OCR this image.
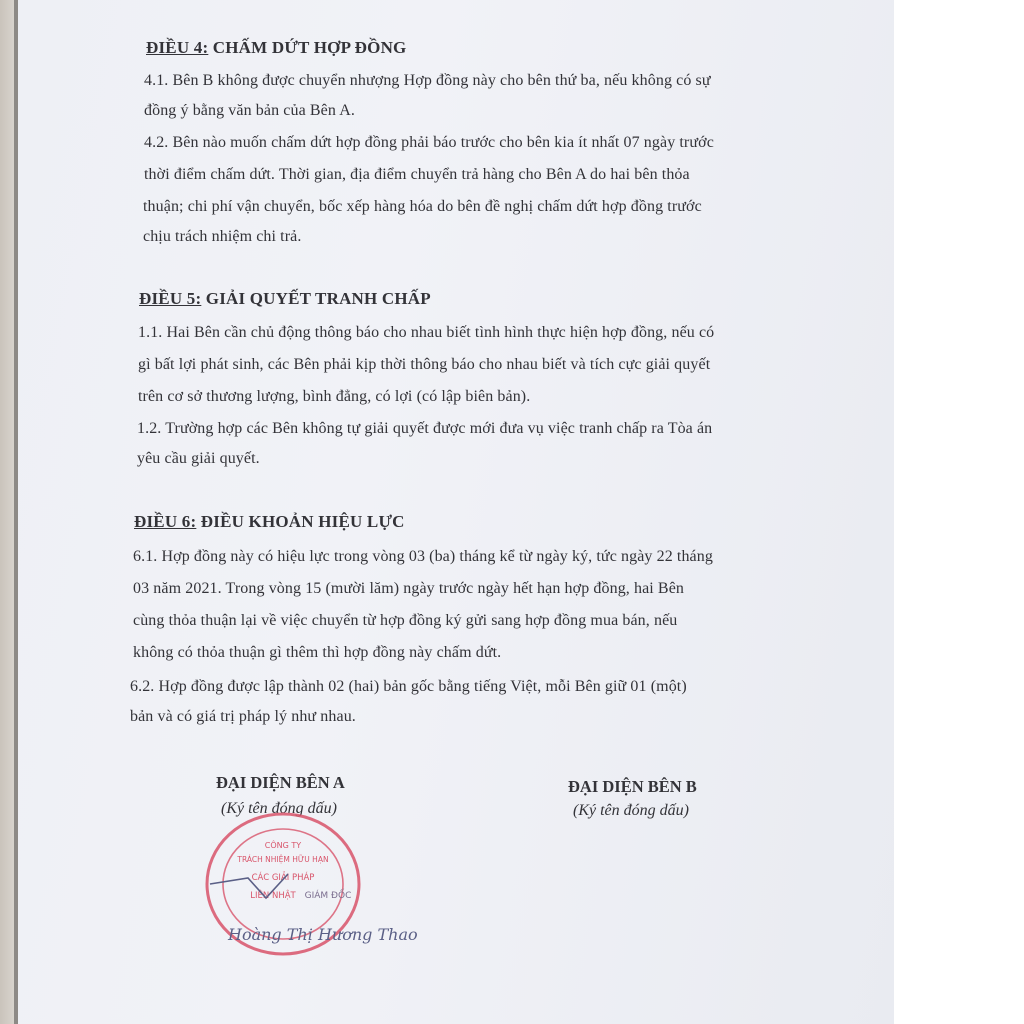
ĐIỀU 4: CHẤM DỨT HỢP ĐỒNG
4.1. Bên B không được chuyển nhượng Hợp đồng này cho bên thứ ba, nếu không có sự
đồng ý bằng văn bản của Bên A.
4.2. Bên nào muốn chấm dứt hợp đồng phải báo trước cho bên kia ít nhất 07 ngày trước
thời điểm chấm dứt. Thời gian, địa điểm chuyển trả hàng cho Bên A do hai bên thỏa
thuận; chi phí vận chuyển, bốc xếp hàng hóa do bên đề nghị chấm dứt hợp đồng trước
chịu trách nhiệm chi trả.
ĐIỀU 5: GIẢI QUYẾT TRANH CHẤP
1.1. Hai Bên cần chủ động thông báo cho nhau biết tình hình thực hiện hợp đồng, nếu có
gì bất lợi phát sinh, các Bên phải kịp thời thông báo cho nhau biết và tích cực giải quyết
trên cơ sở thương lượng, bình đẳng, có lợi (có lập biên bản).
1.2. Trường hợp các Bên không tự giải quyết được mới đưa vụ việc tranh chấp ra Tòa án
yêu cầu giải quyết.
ĐIỀU 6: ĐIỀU KHOẢN HIỆU LỰC
6.1. Hợp đồng này có hiệu lực trong vòng 03 (ba) tháng kể từ ngày ký, tức ngày 22 tháng
03 năm 2021. Trong vòng 15 (mười lăm) ngày trước ngày hết hạn hợp đồng, hai Bên
cùng thỏa thuận lại về việc chuyển từ hợp đồng ký gửi sang hợp đồng mua bán, nếu
không có thỏa thuận gì thêm thì hợp đồng này chấm dứt.
6.2. Hợp đồng được lập thành 02 (hai) bản gốc bằng tiếng Việt, mỗi Bên giữ 01 (một)
bản và có giá trị pháp lý như nhau.
ĐẠI DIỆN BÊN A
(Ký tên đóng dấu)
ĐẠI DIỆN BÊN B
(Ký tên đóng dấu)
CÔNG TY
TRÁCH NHIỆM HỮU HẠN
CÁC GIẢI PHÁP
LIÊN NHẬT GIÁM ĐỐC
Hoàng Thị Hương Thao
